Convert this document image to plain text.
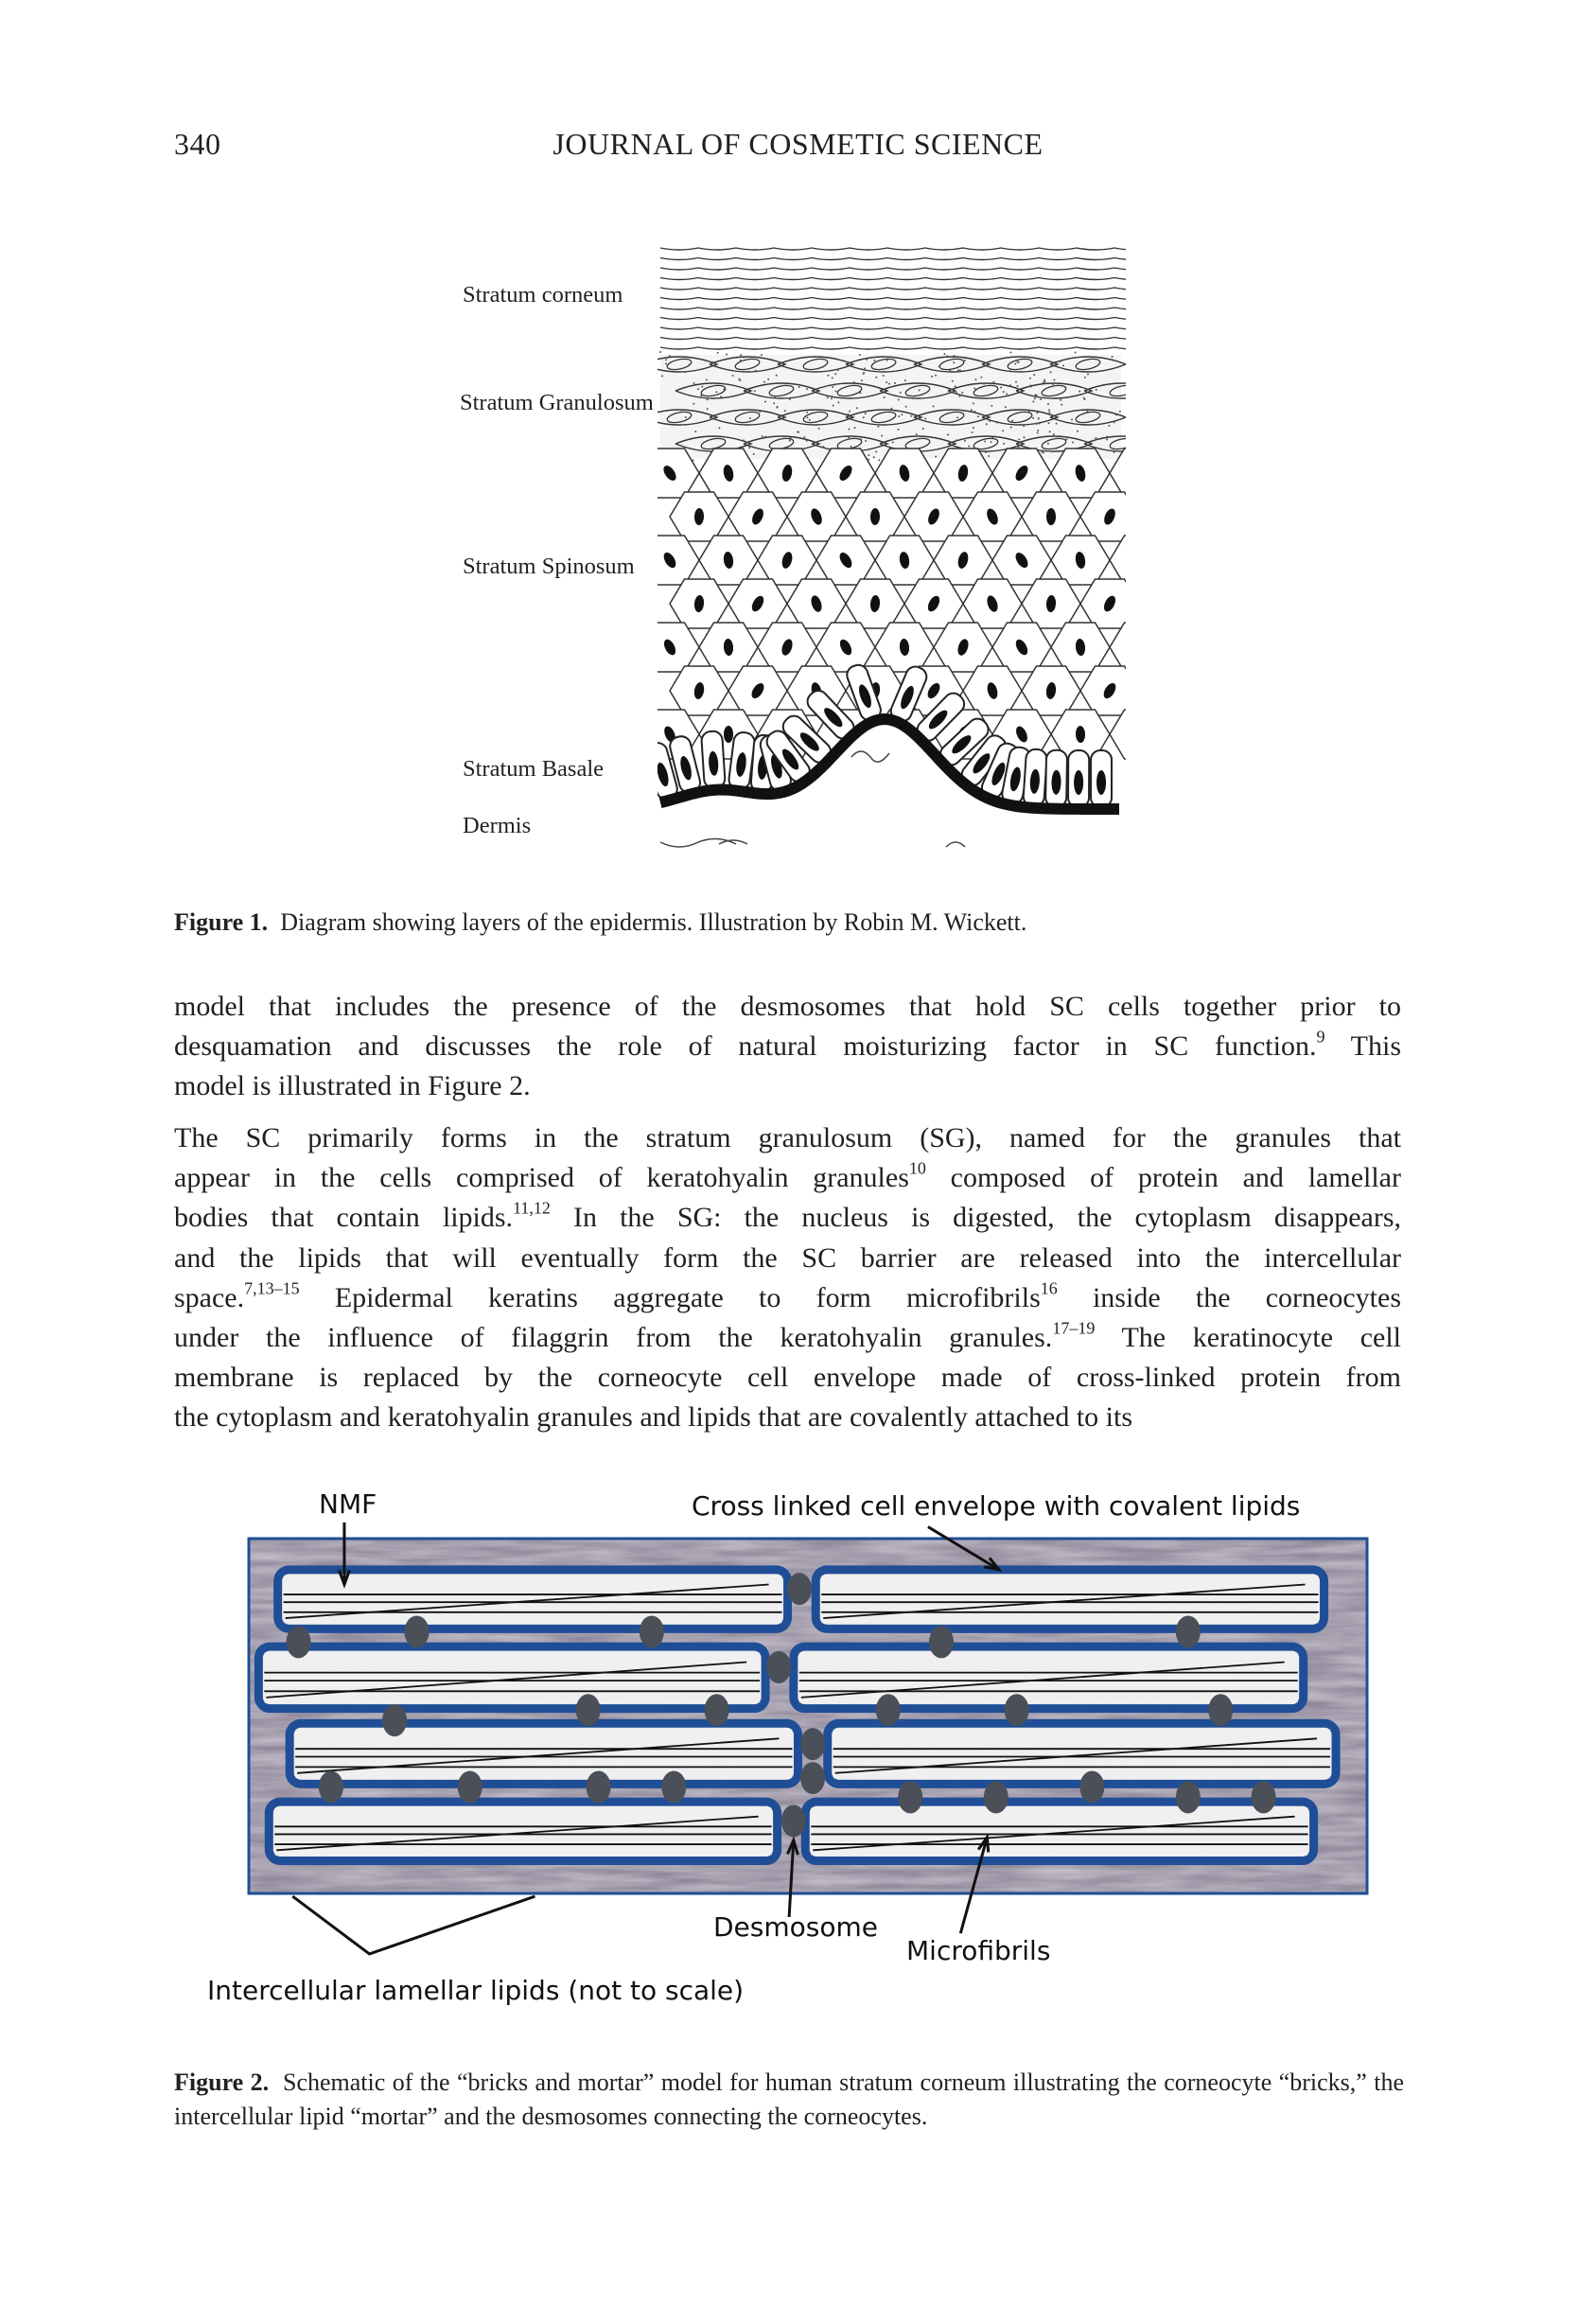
340	JOURNAL OF COSMETIC SCIENCE
Stratum corneum
Stratum Granulosum
Stratum Spinosum
Stratum Basale
Dermis
NMF	Cross linked cell envelope with covalent lipids
Desmosome
Microfibrils
Intercellular lamellar lipids (not to scale)
Figure 1. Diagram showing layers of the epidermis. Illustration by Robin M. Wickett.
model that includes the presence of the desmosomes that hold SC cells together prior to
desquamation and discusses the role of natural moisturizing factor in SC function.$^9$ This
model is illustrated in Figure 2.
The SC primarily forms in the stratum granulosum (SG), named for the granules that
appear in the cells comprised of keratohyalin granules$^{10}$ composed of protein and lamellar
bodies that contain lipids.$^{11,12}$ In the SG: the nucleus is digested, the cytoplasm disappears,
and the lipids that will eventually form the SC barrier are released into the intercellular
space.$^{7,13-15}$ Epidermal keratins aggregate to form microfibrils$^{16}$ inside the corneocytes
under the influence of filaggrin from the keratohyalin granules.$^{17-19}$ The keratinocyte cell
membrane is replaced by the corneocyte cell envelope made of cross-linked protein from
the cytoplasm and keratohyalin granules and lipids that are covalently attached to its
Figure 2. Schematic of the “bricks and mortar” model for human stratum corneum illustrating the corneocyte “bricks,” the intercellular lipid “mortar” and the desmosomes connecting the corneocytes.
